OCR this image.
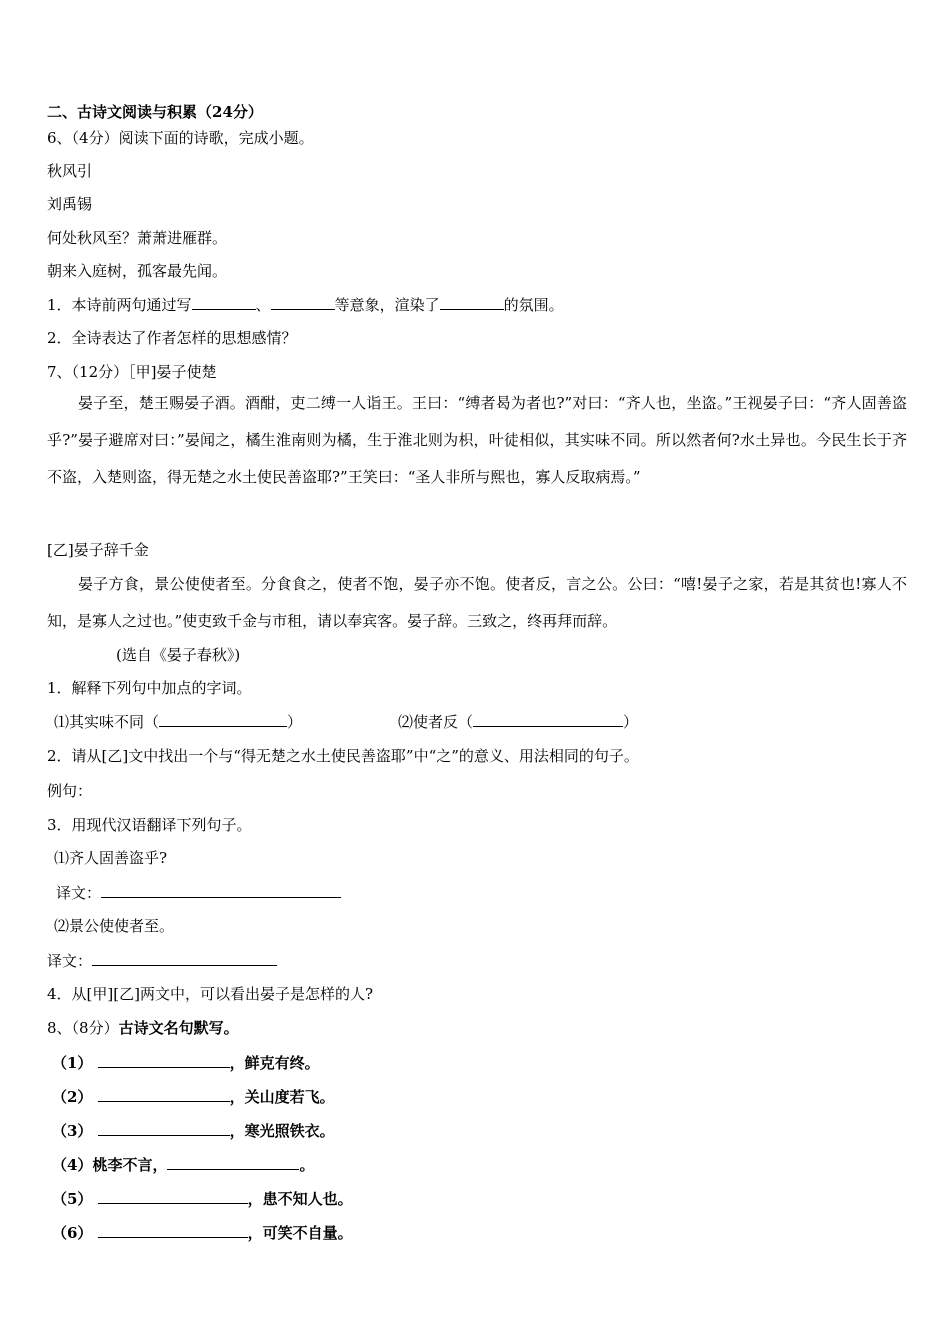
二、古诗文阅读与积累（24分）
6、（4分）阅读下面的诗歌，完成小题。
秋风引
刘禹锡
何处秋风至？萧萧进雁群。
朝来入庭树，孤客最先闻。
1．本诗前两句通过写	、	等意象，渲染了	的氛围。
2．全诗表达了作者怎样的思想感情？
7、（12分）［甲]晏子使楚
晏子至，楚王赐晏子酒。酒酣，吏二缚一人诣王。王曰：“缚者曷为者也?”对曰：“齐人也，坐盗。”王视晏子曰：“齐人固善盗乎?”晏子避席对曰：”晏闻之，橘生淮南则为橘，生于淮北则为枳，叶徒相似，其实味不同。所以然者何?水土异也。今民生长于齐不盗，入楚则盗，得无楚之水土使民善盗耶?”王笑曰：“圣人非所与熙也，寡人反取病焉。”
[乙]晏子辞千金
晏子方食，景公使使者至。分食食之，使者不饱，晏子亦不饱。使者反，言之公。公曰：“嘻!晏子之家，若是其贫也!寡人不知，是寡人之过也。”使吏致千金与市租，请以奉宾客。晏子辞。三致之，终再拜而辞。
(选自《晏子春秋》)
1．解释下列句中加点的字词。
⑴其实味不同（	）	⑵使者反（	）
2．请从[乙]文中找出一个与“得无楚之水土使民善盗耶”中“之”的意义、用法相同的句子。
例句：
3．用现代汉语翻译下列句子。
⑴齐人固善盗乎?
译文：
⑵景公使使者至。
译文：
4．从[甲][乙]两文中，可以看出晏子是怎样的人?
8、（8分）古诗文名句默写。
（1）	，鲜克有终。
（2）	，关山度若飞。
（3）	，寒光照铁衣。
（4）桃李不言，	。
（5）	，患不知人也。
（6）	，可笑不自量。
